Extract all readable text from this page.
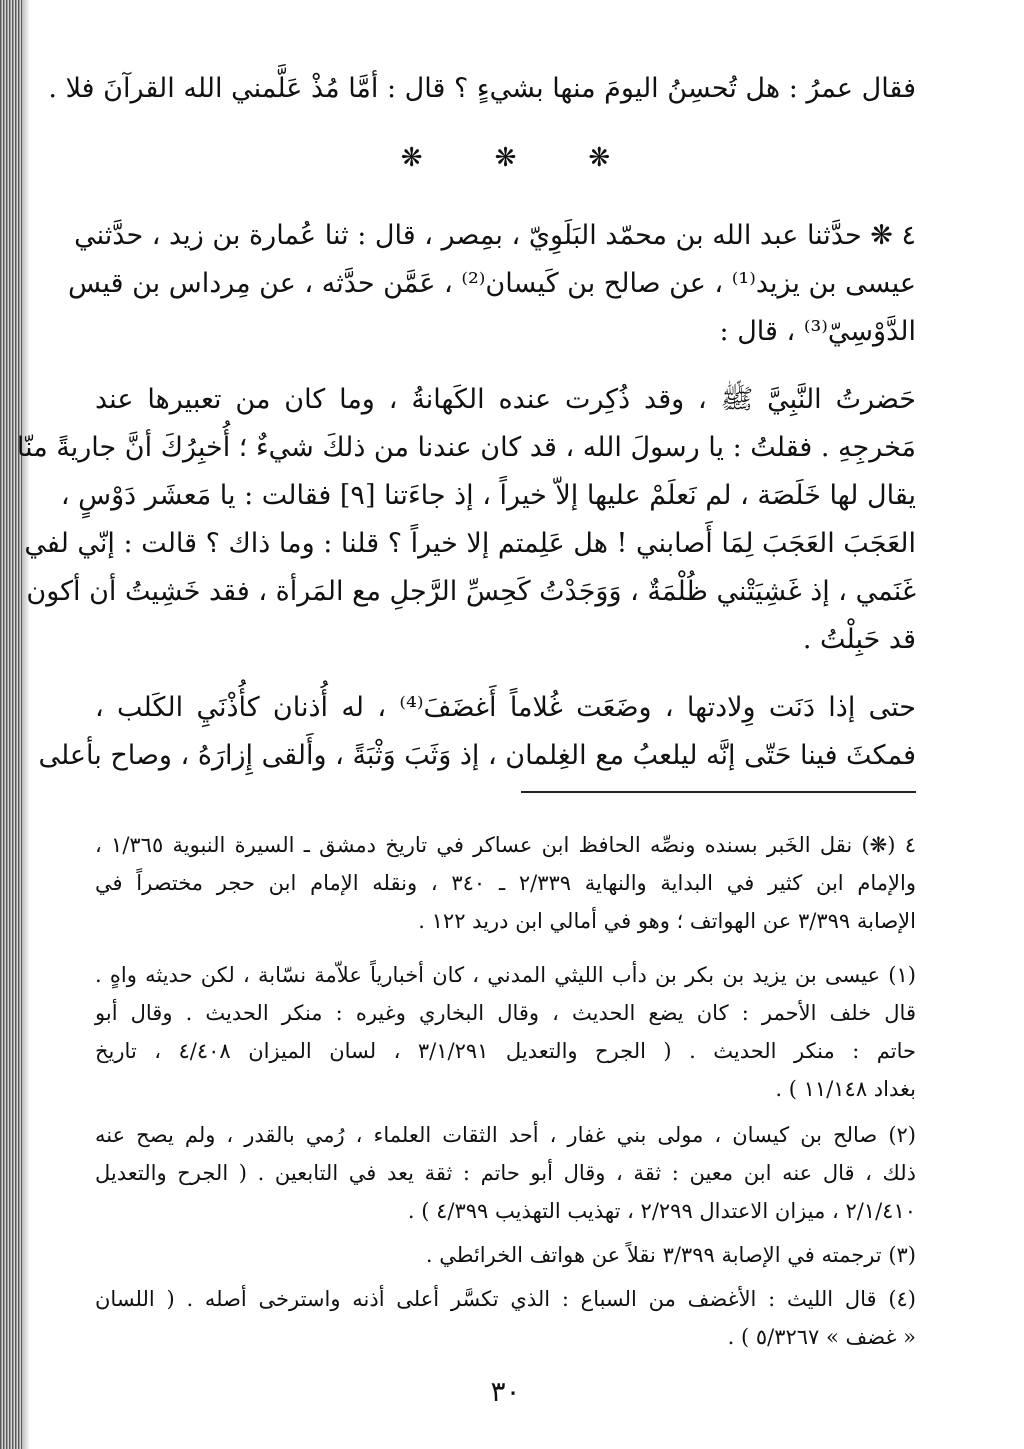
فقال عمرُ : هل تُحسِنُ اليومَ منها بشيءٍ ؟ قال : أمَّا مُذْ عَلَّمني الله القرآنَ فلا .
❋	❋	❋
٤ ❋ حدَّثنا عبد الله بن محمّد البَلَوِيّ ، بمِصر ، قال : ثنا عُمارة بن زيد ، حدَّثني
عيسى بن يزيد⁽¹⁾ ، عن صالح بن كَيسان⁽²⁾ ، عَمَّن حدَّثه ، عن مِرداس بن قيس
الدَّوْسِيّ⁽³⁾ ، قال :
حَضرتُ النَّبِيَّ ﷺ ، وقد ذُكِرت عنده الكَهانةُ ، وما كان من تعبيرها عند
مَخرجِهِ . فقلتُ : يا رسولَ الله ، قد كان عندنا من ذلكَ شيءٌ ؛ أُخبِرُكَ أنَّ جاريةً منّا
يقال لها خَلَصَة ، لم نَعلَمْ عليها إلاّ خيراً ، إذ جاءَتنا [٩] فقالت : يا مَعشَر دَوْسٍ ،
العَجَبَ العَجَبَ لِمَا أَصابني ! هل عَلِمتم إلا خيراً ؟ قلنا : وما ذاك ؟ قالت : إنّي لفي
غَنَمي ، إذ غَشِيَتْني ظُلْمَةٌ ، وَوَجَدْتُ كَحِسِّ الرَّجلِ مع المَرأة ، فقد خَشِيتُ أن أكون
قد حَبِلْتُ .
حتى إذا دَنَت وِلادتها ، وضَعَت غُلاماً أَغضَفَ⁽⁴⁾ ، له أُذنان كأُذْنَيِ الكَلب ،
فمكثَ فينا حَتّى إنَّه ليلعبُ مع الغِلمان ، إذ وَثَبَ وَثْبَةً ، وأَلقى إِزارَهُ ، وصاح بأعلى
٤ (❋) نقل الخَبر بسنده ونصِّه الحافظ ابن عساكر في تاريخ دمشق ـ السيرة النبوية ١/٣٦٥ ،
والإمام ابن كثير في البداية والنهاية ٢/٣٣٩ ـ ٣٤٠ ، ونقله الإمام ابن حجر مختصراً في
الإصابة ٣/٣٩٩ عن الهواتف ؛ وهو في أمالي ابن دريد ١٢٢ .
(١) عيسى بن يزيد بن بكر بن دأب الليثي المدني ، كان أخبارياً علاّمة نسّابة ، لكن حديثه واهٍ .
قال خلف الأحمر : كان يضع الحديث ، وقال البخاري وغيره : منكر الحديث . وقال أبو
حاتم : منكر الحديث . ( الجرح والتعديل ٣/١/٢٩١ ، لسان الميزان ٤/٤٠٨ ، تاريخ
بغداد ١١/١٤٨ ) .
(٢) صالح بن كيسان ، مولى بني غفار ، أحد الثقات العلماء ، رُمي بالقدر ، ولم يصح عنه
ذلك ، قال عنه ابن معين : ثقة ، وقال أبو حاتم : ثقة يعد في التابعين . ( الجرح والتعديل
٢/١/٤١٠ ، ميزان الاعتدال ٢/٢٩٩ ، تهذيب التهذيب ٤/٣٩٩ ) .
(٣) ترجمته في الإصابة ٣/٣٩٩ نقلاً عن هواتف الخرائطي .
(٤) قال الليث : الأغضف من السباع : الذي تكسَّر أعلى أذنه واسترخى أصله . ( اللسان
« غضف » ٥/٣٢٦٧ ) .
٣٠
